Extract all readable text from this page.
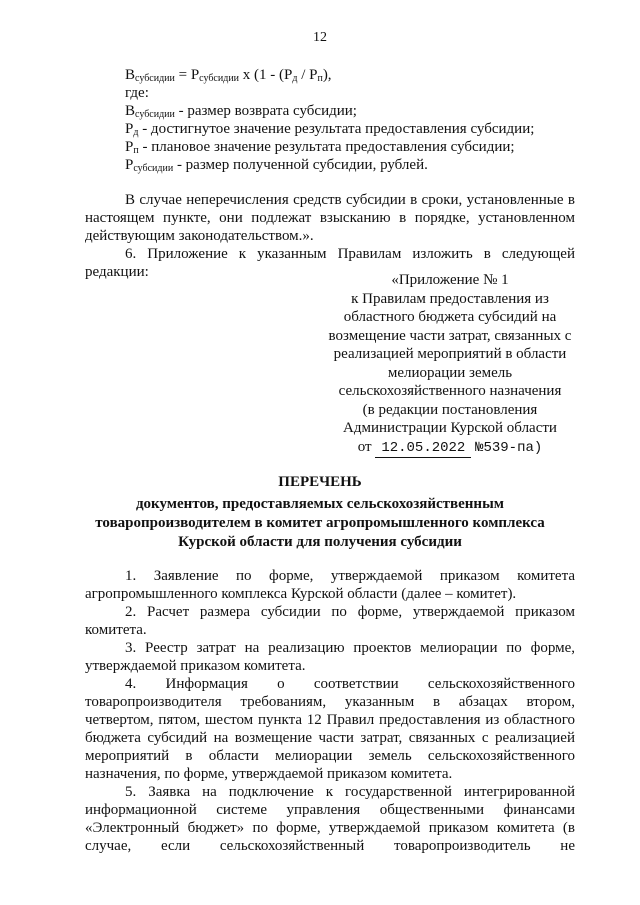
12
$В_{субсидии} = Р_{субсидии}$ х ($1 - (Р_д / Р_п)$,
где:
$В_{субсидии}$ - размер возврата субсидии;
$Р_д$ - достигнутое значение результата предоставления субсидии;
$Р_п$ - плановое значение результата предоставления субсидии;
$Р_{субсидии}$ - размер полученной субсидии, рублей.
В случае неперечисления средств субсидии в сроки, установленные в
настоящем пункте, они подлежат взысканию в порядке, установленном
действующим законодательством.».
6. Приложение к указанным Правилам изложить в следующей
редакции:	«Приложение № 1
к Правилам предоставления из
областного бюджета субсидий на
возмещение части затрат, связанных с
реализацией мероприятий в области
мелиорации земель
сельскохозяйственного назначения
(в редакции постановления
Администрации Курской области
от 12.05.2022 №539-па)
ПЕРЕЧЕНЬ
документов, предоставляемых сельскохозяйственным
товаропроизводителем в комитет агропромышленного комплекса
Курской области для получения субсидии
1. Заявление по форме, утверждаемой приказом комитета
агропромышленного комплекса Курской области (далее – комитет).
2. Расчет размера субсидии по форме, утверждаемой приказом
комитета.
3. Реестр затрат на реализацию проектов мелиорации по форме,
утверждаемой приказом комитета.
4. Информация о соответствии сельскохозяйственного
товаропроизводителя требованиям, указанным в абзацах втором,
четвертом, пятом, шестом пункта 12 Правил предоставления из областного
бюджета субсидий на возмещение части затрат, связанных с реализацией
мероприятий в области мелиорации земель сельскохозяйственного
назначения, по форме, утверждаемой приказом комитета.
5. Заявка на подключение к государственной интегрированной
информационной системе управления общественными финансами
«Электронный бюджет» по форме, утверждаемой приказом комитета (в
случае, если сельскохозяйственный товаропроизводитель не
